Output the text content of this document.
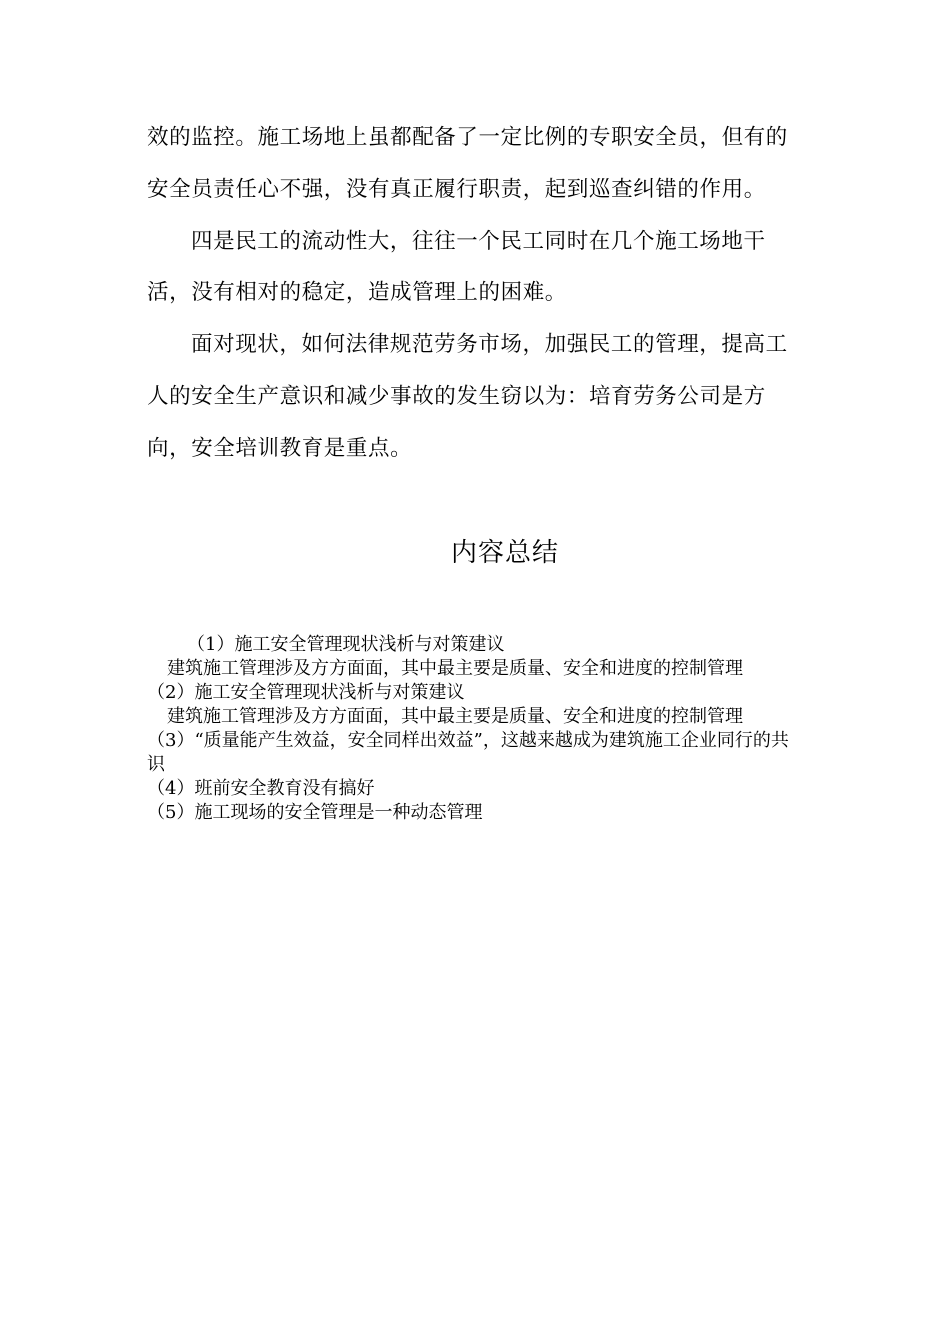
效的监控。施工场地上虽都配备了一定比例的专职安全员，但有的安全员责任心不强，没有真正履行职责，起到巡查纠错的作用。

四是民工的流动性大，往往一个民工同时在几个施工场地干活，没有相对的稳定，造成管理上的困难。

面对现状，如何法律规范劳务市场，加强民工的管理，提高工人的安全生产意识和减少事故的发生窃以为：培育劳务公司是方向，安全培训教育是重点。

内容总结

（1）施工安全管理现状浅析与对策建议

建筑施工管理涉及方方面面，其中最主要是质量、安全和进度的控制管理

（2）施工安全管理现状浅析与对策建议

建筑施工管理涉及方方面面，其中最主要是质量、安全和进度的控制管理

（3）“质量能产生效益，安全同样出效益”，这越来越成为建筑施工企业同行的共识

（4）班前安全教育没有搞好

（5）施工现场的安全管理是一种动态管理
